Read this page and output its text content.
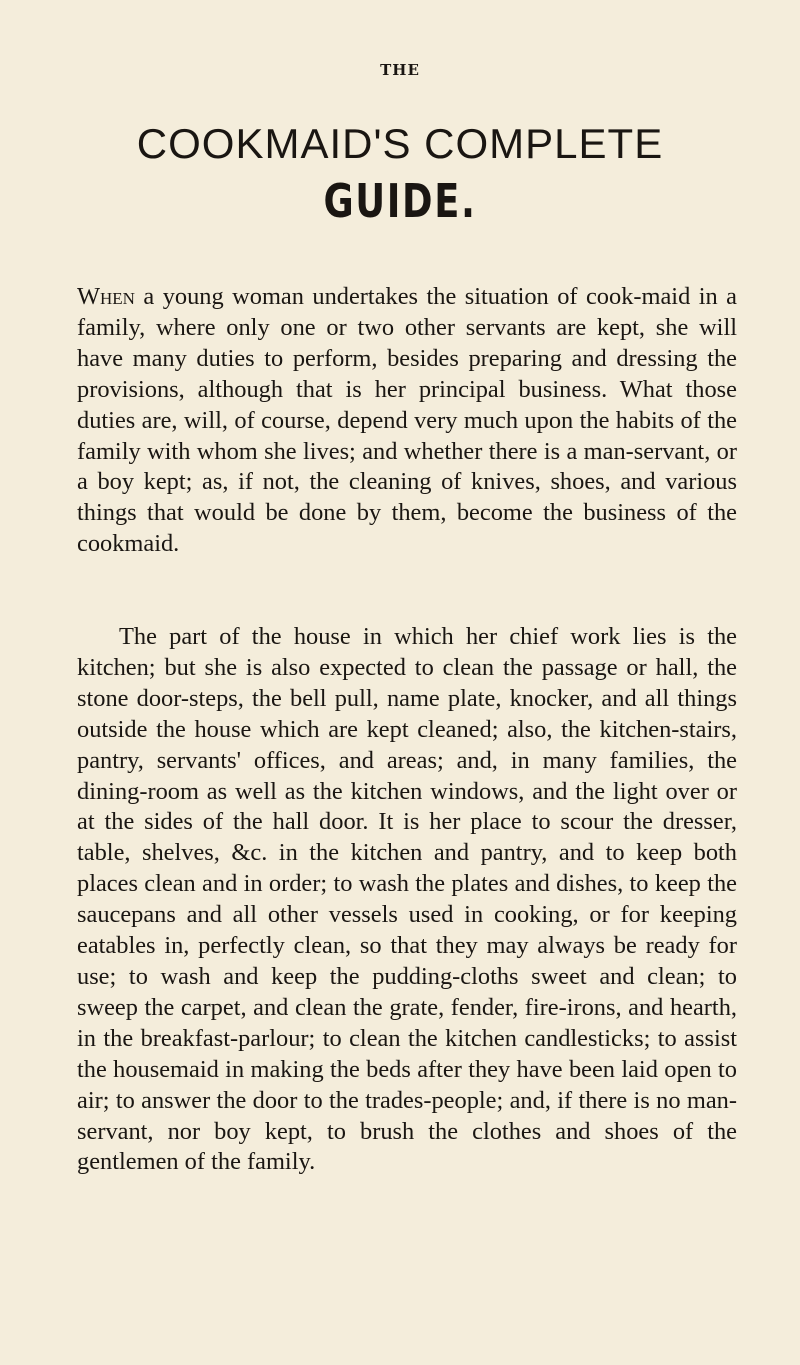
THE

COOKMAID'S COMPLETE

GUIDE.

When a young woman undertakes the situation of cook-maid in a family, where only one or two other servants are kept, she will have many duties to perform, besides preparing and dressing the provisions, although that is her principal business. What those duties are, will, of course, depend very much upon the habits of the family with whom she lives; and whether there is a man-servant, or a boy kept; as, if not, the cleaning of knives, shoes, and various things that would be done by them, become the business of the cookmaid.

The part of the house in which her chief work lies is the kitchen; but she is also expected to clean the passage or hall, the stone door-steps, the bell pull, name plate, knocker, and all things outside the house which are kept cleaned; also, the kitchen-stairs, pantry, servants' offices, and areas; and, in many families, the dining-room as well as the kitchen windows, and the light over or at the sides of the hall door. It is her place to scour the dresser, table, shelves, &c. in the kitchen and pantry, and to keep both places clean and in order; to wash the plates and dishes, to keep the saucepans and all other vessels used in cooking, or for keeping eatables in, perfectly clean, so that they may always be ready for use; to wash and keep the pudding-cloths sweet and clean; to sweep the carpet, and clean the grate, fender, fire-irons, and hearth, in the breakfast-parlour; to clean the kitchen candlesticks; to assist the housemaid in making the beds after they have been laid open to air; to answer the door to the trades-people; and, if there is no man-servant, nor boy kept, to brush the clothes and shoes of the gentlemen of the family.
